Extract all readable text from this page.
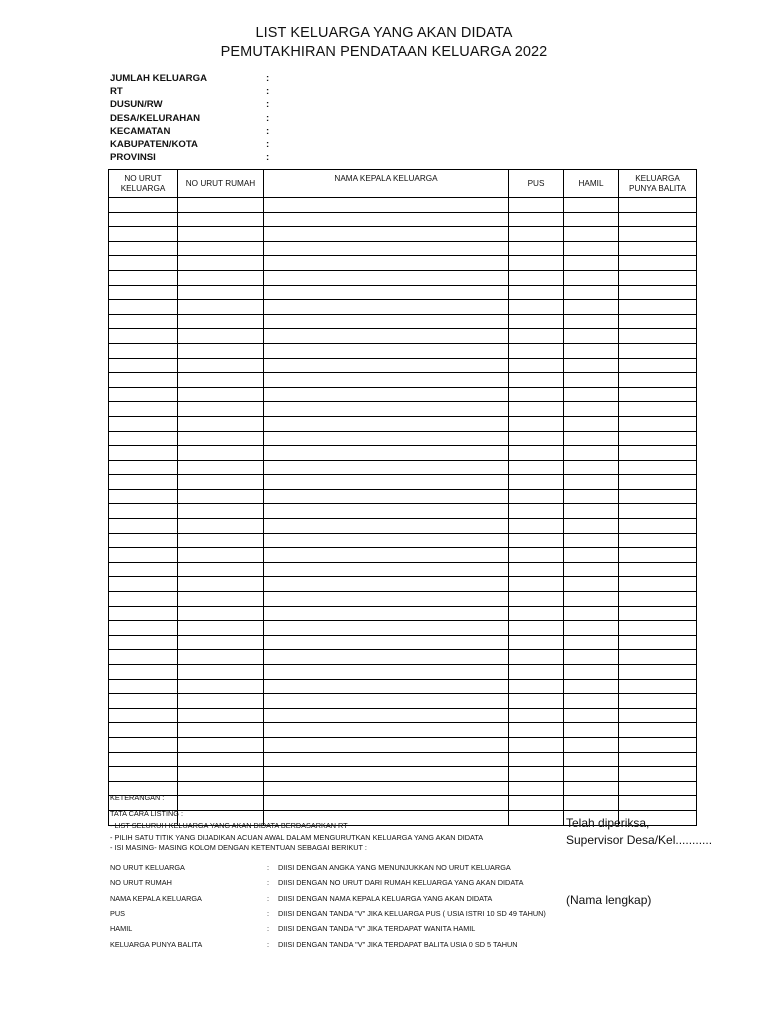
LIST KELUARGA YANG AKAN DIDATA
PEMUTAKHIRAN PENDATAAN KELUARGA 2022
JUMLAH KELUARGA	:
RT	:
DUSUN/RW	:
DESA/KELURAHAN	:
KECAMATAN	:
KABUPATEN/KOTA	:
PROVINSI	:
NO URUT KELUARGA	NO URUT RUMAH	NAMA KEPALA KELUARGA	PUS	HAMIL	KELUARGA PUNYA BALITA

KETERANGAN :
TATA CARA LISTING :
- LIST SELURUH KELUARGA YANG AKAN DIDATA BERDASARKAN RT
- PILIH SATU TITIK YANG DIJADIKAN ACUAN AWAL DALAM MENGURUTKAN KELUARGA YANG AKAN DIDATA
- ISI MASING- MASING KOLOM DENGAN KETENTUAN SEBAGAI BERIKUT :
NO URUT KELUARGA	:	DIISI DENGAN ANGKA YANG MENUNJUKKAN NO URUT KELUARGA
NO URUT RUMAH	:	DIISI DENGAN NO URUT DARI RUMAH KELUARGA YANG AKAN DIDATA
NAMA KEPALA KELUARGA	:	DIISI DENGAN NAMA KEPALA KELUARGA YANG AKAN DIDATA
PUS	:	DIISI DENGAN TANDA "V" JIKA KELUARGA PUS ( USIA ISTRI 10 SD 49 TAHUN)
HAMIL	:	DIISI DENGAN TANDA "V" JIKA TERDAPAT WANITA HAMIL
KELUARGA PUNYA BALITA	:	DIISI DENGAN TANDA "V" JIKA TERDAPAT BALITA USIA 0 SD 5 TAHUN
Telah diperiksa,
Supervisor Desa/Kel...........
(Nama lengkap)
